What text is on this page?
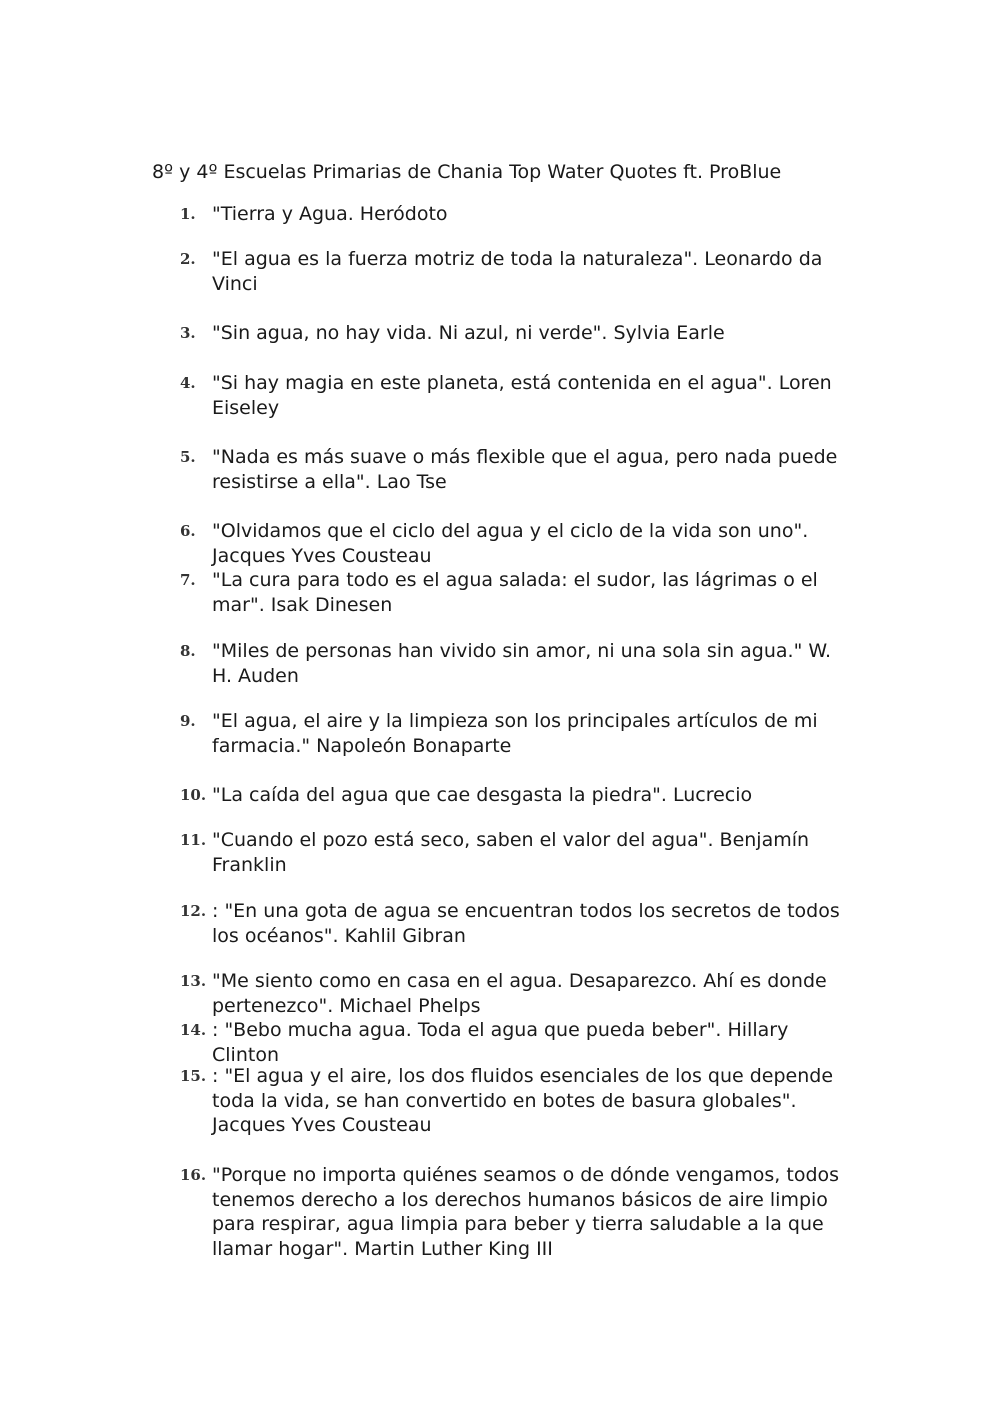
8º y 4º Escuelas Primarias de Chania Top Water Quotes ft. ProBlue
1. "Tierra y Agua. Heródoto
2. "El agua es la fuerza motriz de toda la naturaleza". Leonardo da Vinci
3. "Sin agua, no hay vida. Ni azul, ni verde". Sylvia Earle
4. "Si hay magia en este planeta, está contenida en el agua". Loren Eiseley
5. "Nada es más suave o más flexible que el agua, pero nada puede resistirse a ella". Lao Tse
6. "Olvidamos que el ciclo del agua y el ciclo de la vida son uno". Jacques Yves Cousteau
7. "La cura para todo es el agua salada: el sudor, las lágrimas o el mar". Isak Dinesen
8. "Miles de personas han vivido sin amor, ni una sola sin agua." W. H. Auden
9. "El agua, el aire y la limpieza son los principales artículos de mi farmacia." Napoleón Bonaparte
10. "La caída del agua que cae desgasta la piedra". Lucrecio
11. "Cuando el pozo está seco, saben el valor del agua". Benjamín Franklin
12. : "En una gota de agua se encuentran todos los secretos de todos los océanos". Kahlil Gibran
13. "Me siento como en casa en el agua. Desaparezco. Ahí es donde pertenezco". Michael Phelps
14. : "Bebo mucha agua. Toda el agua que pueda beber". Hillary Clinton
15. : "El agua y el aire, los dos fluidos esenciales de los que depende toda la vida, se han convertido en botes de basura globales". Jacques Yves Cousteau
16. "Porque no importa quiénes seamos o de dónde vengamos, todos tenemos derecho a los derechos humanos básicos de aire limpio para respirar, agua limpia para beber y tierra saludable a la que llamar hogar". Martin Luther King III
